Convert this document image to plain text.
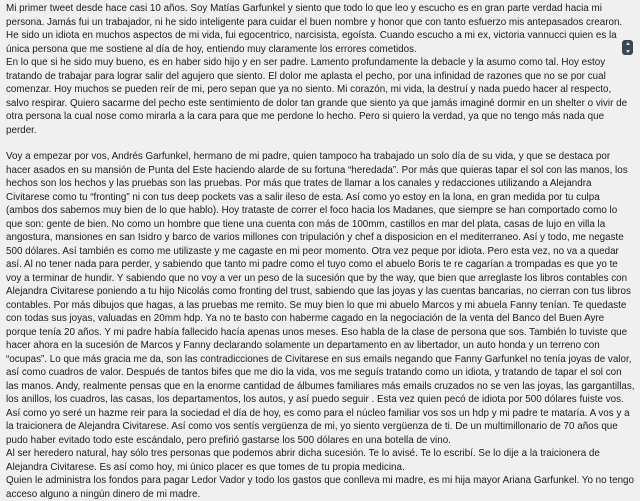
Mi primer tweet desde hace casi 10 años. Soy Matías Garfunkel y siento que todo lo que leo y escucho es en gran parte verdad hacia mi persona. Jamás fui un trabajador, ni he sido inteligente para cuidar el buen nombre y honor que con tanto esfuerzo mis antepasados crearon. He sido un idiota en muchos aspectos de mi vida, fui egocentrico, narcisista, egoísta. Cuando escucho a mi ex, victoria vannucci quien es la única persona que me sostiene al día de hoy, entiendo muy claramente los errores cometidos.

En lo que si he sido muy bueno, es en haber sido hijo y en ser padre. Lamento profundamente la debacle y la asumo como tal. Hoy estoy tratando de trabajar para lograr salir del agujero que siento. El dolor me aplasta el pecho, por una infinidad de razones que no se por cual comenzar. Hoy muchos se pueden reír de mi, pero sepan que ya no siento. Mi corazón, mi vida, la destruí y nada puedo hacer al respecto, salvo respirar. Quiero sacarme del pecho este sentimiento de dolor tan grande que siento ya que jamás imaginé dormir en un shelter o vivir de otra persona la cual nose como mirarla a la cara para que me perdone lo hecho. Pero si quiero la verdad, ya que no tengo más nada que perder.

Voy a empezar por vos, Andrés Garfunkel, hermano de mi padre, quien tampoco ha trabajado un solo día de su vida, y que se destaca por hacer asados en su mansión de Punta del Este haciendo alarde de su fortuna “heredada”. Por más que quieras tapar el sol con las manos, los hechos son los hechos y las pruebas son las pruebas. Por más que trates de llamar a los canales y redacciones utilizando a Alejandra Civitarese como tu “fronting” ni con tus deep pockets vas a salir ileso de esta. Así como yo estoy en la lona, en gran medida por tu culpa (ambos dos sabemos muy bien de lo que hablo). Hoy trataste de correr el foco hacia los Madanes, que siempre se han comportado como lo que son: gente de bien. No como un hombre que tiene una cuenta con más de 100mm, castillos en mar del plata, casas de lujo en villa la angostura, mansiones en san Isidro y barco de varios millones con tripulación y chef a disposicion en el mediterraneo. Así y todo, me negaste 500 dólares. Así también es como me utilizaste y me cagaste en mi peor momento. Otra vez peque por idiota. Pero esta vez, no va a quedar así. Al no tener nada para perder, y sabiendo que tanto mi padre como el tuyo como el abuelo Boris te re cagarían a trompadas es que yo te voy a terminar de hundir. Y sabiendo que no voy a ver un peso de la sucesión que by the way, que bien que arreglaste los libros contables con Alejandra Civitarese poniendo a tu hijo Nicolás como fronting del trust, sabiendo que las joyas y las cuentas bancarias, no cierran con tus libros contables. Por más dibujos que hagas, a las pruebas me remito. Se muy bien lo que mi abuelo Marcos y mi abuela Fanny tenían. Te quedaste con todas sus joyas, valuadas en 20mm hdp. Ya no te basto con haberme cagado en la negociación de la venta del Banco del Buen Ayre porque tenía 20 años. Y mi padre había fallecido hacía apenas unos meses. Eso habla de la clase de persona que sos. También lo tuviste que hacer ahora en la sucesión de Marcos y Fanny declarando solamente un departamento en av libertador, un auto honda y un terreno con “ocupas”. Lo que más gracia me da, son las contradicciones de Civitarese en sus emails negando que Fanny Garfunkel no tenía joyas de valor, así como cuadros de valor. Después de tantos bifes que me dio la vida, vos me seguís tratando como un idiota, y tratando de tapar el sol con las manos. Andy, realmente pensas que en la enorme cantidad de álbumes familiares más emails cruzados no se ven las joyas, las gargantillas, los anillos, los cuadros, las casas, los departamentos, los autos, y así puedo seguir . Esta vez quien pecó de idiota por 500 dólares fuiste vos. Así como yo seré un hazme reir para la sociedad el día de hoy, es como para el núcleo familiar vos sos un hdp y mi padre te mataría. A vos y a la traicionera de Alejandra Civitarese. Así como vos sentís vergüenza de mi, yo siento vergüenza de ti. De un multimillonario de 70 años que pudo haber evitado todo este escándalo, pero prefirió gastarse los 500 dólares en una botella de vino.

Al ser heredero natural, hay sólo tres personas que podemos abrir dicha sucesión. Te lo avisé. Te lo escribí. Se lo dije a la traicionera de Alejandra Civitarese. Es así como hoy, mi único placer es que tomes de tu propia medicina.

Quien le administra los fondos para pagar Ledor Vador y todo los gastos que conlleva mi madre, es mi hija mayor Ariana Garfunkel. Yo no tengo acceso alguno a ningún dinero de mi madre.
